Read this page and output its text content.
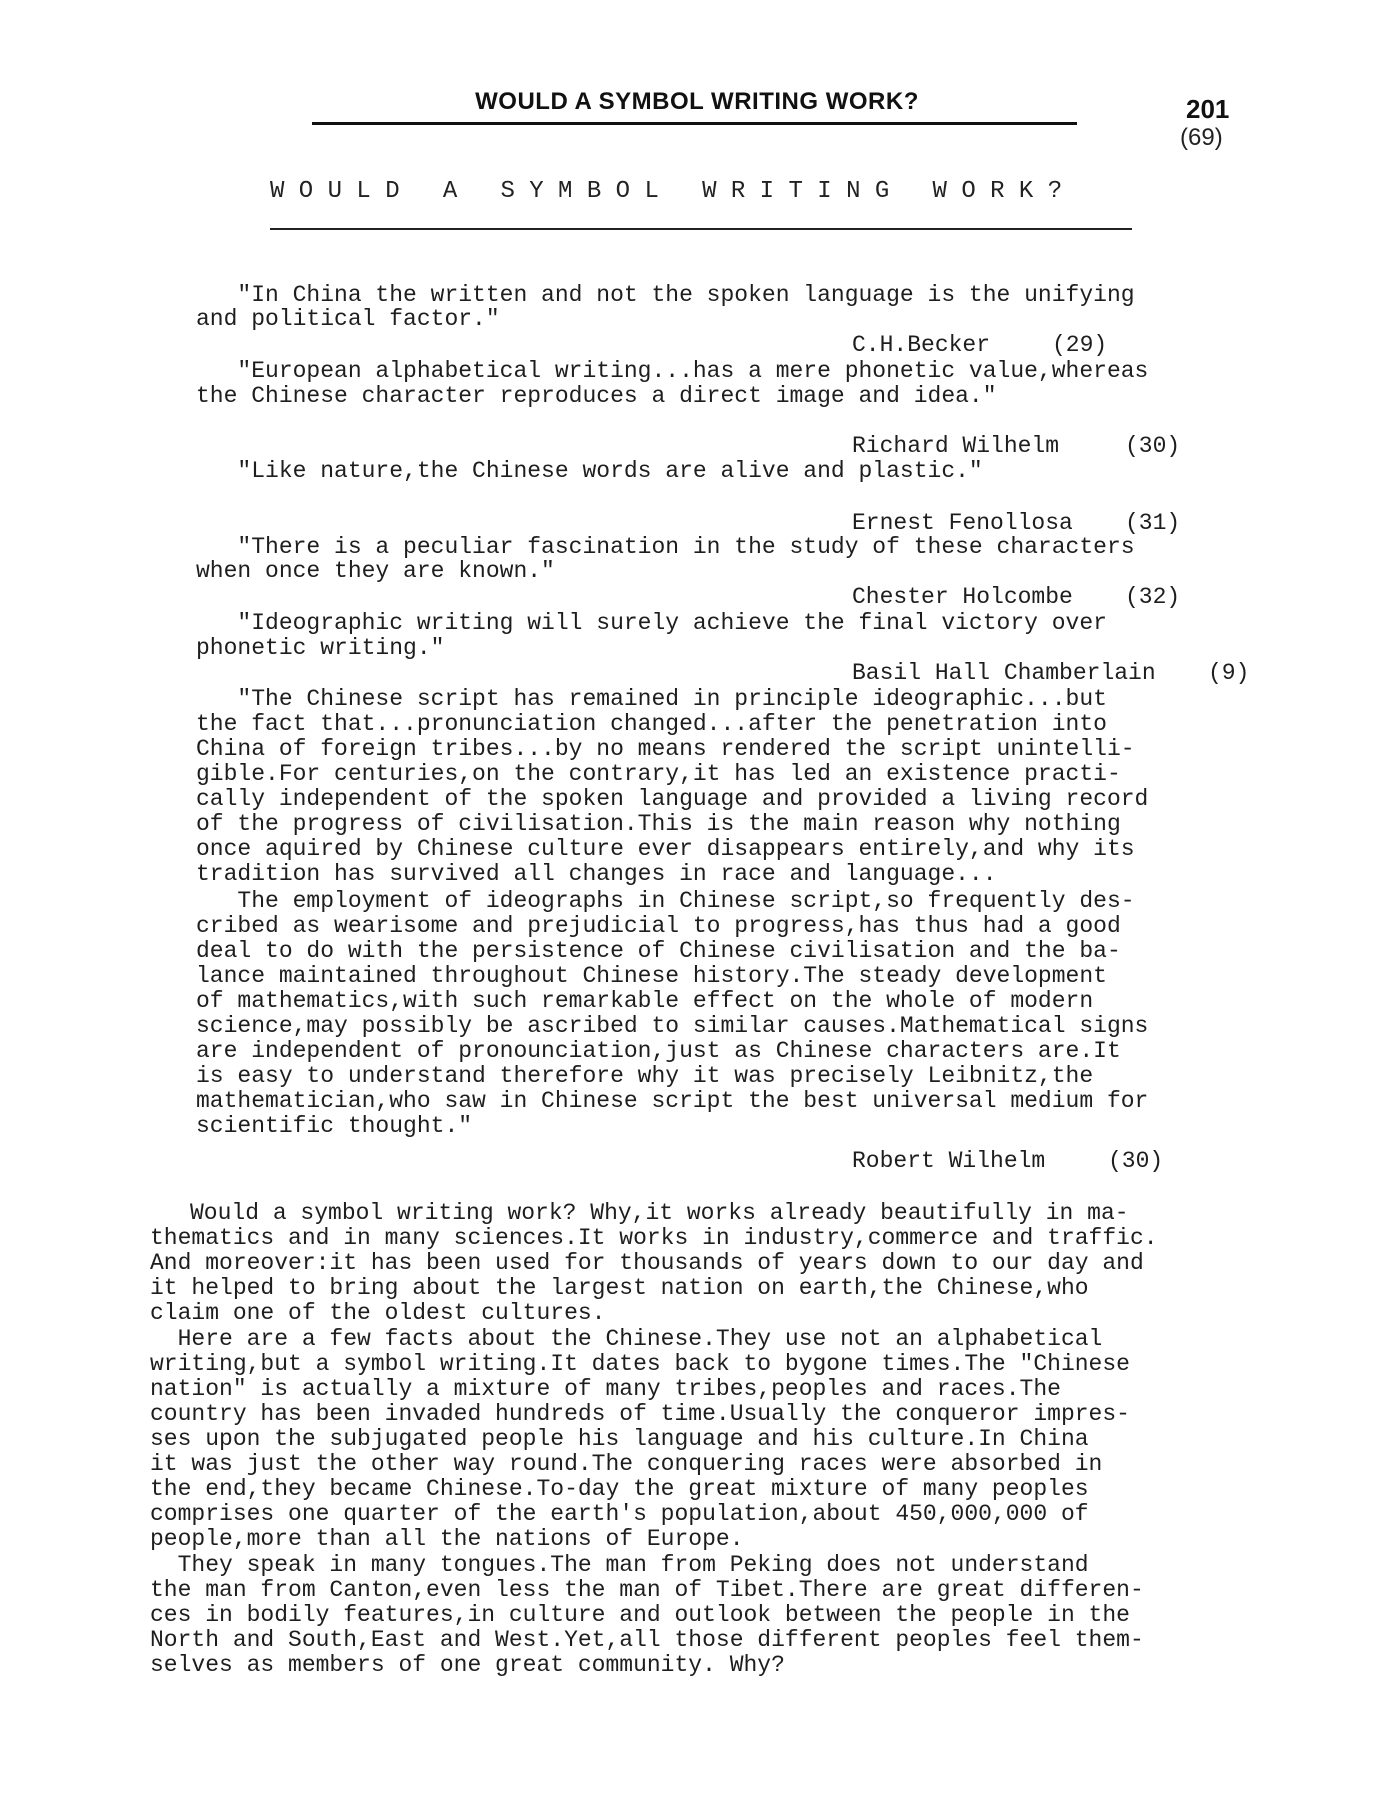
WOULD A SYMBOL WRITING WORK?	201
(69)
W O U L D   A   S Y M B O L   W R I T I N G   W O R K ?
"In China the written and not the spoken language is the unifying
and political factor."
C.H.Becker	(29)
"European alphabetical writing...has a mere phonetic value,whereas
the Chinese character reproduces a direct image and idea."
Richard Wilhelm	(30)
"Like nature,the Chinese words are alive and plastic."
Ernest Fenollosa (31)
"There is a peculiar fascination in the study of these characters
when once they are known."
Chester Holcombe (32)
"Ideographic writing will surely achieve the final victory over
phonetic writing."
Basil Hall Chamberlain (9)
"The Chinese script has remained in principle ideographic...but
the fact that...pronunciation changed...after the penetration into
China of foreign tribes...by no means rendered the script unintelli-
gible.For centuries,on the contrary,it has led an existence practi-
cally independent of the spoken language and provided a living record
of the progress of civilisation.This is the main reason why nothing
once aquired by Chinese culture ever disappears entirely,and why its
tradition has survived all changes in race and language...
The employment of ideographs in Chinese script,so frequently des-
cribed as wearisome and prejudicial to progress,has thus had a good
deal to do with the persistence of Chinese civilisation and the ba-
lance maintained throughout Chinese history.The steady development
of mathematics,with such remarkable effect on the whole of modern
science,may possibly be ascribed to similar causes.Mathematical signs
are independent of pronounciation,just as Chinese characters are.It
is easy to understand therefore why it was precisely Leibnitz,the
mathematician,who saw in Chinese script the best universal medium for
scientific thought."
Robert Wilhelm	(30)
Would a symbol writing work? Why,it works already beautifully in ma-
thematics and in many sciences.It works in industry,commerce and traffic.
And moreover:it has been used for thousands of years down to our day and
it helped to bring about the largest nation on earth,the Chinese,who
claim one of the oldest cultures.
Here are a few facts about the Chinese.They use not an alphabetical
writing,but a symbol writing.It dates back to bygone times.The "Chinese
nation" is actually a mixture of many tribes,peoples and races.The
country has been invaded hundreds of time.Usually the conqueror impres-
ses upon the subjugated people his language and his culture.In China
it was just the other way round.The conquering races were absorbed in
the end,they became Chinese.To-day the great mixture of many peoples
comprises one quarter of the earth's population,about 450,000,000 of
people,more than all the nations of Europe.
They speak in many tongues.The man from Peking does not understand
the man from Canton,even less the man of Tibet.There are great differen-
ces in bodily features,in culture and outlook between the people in the
North and South,East and West.Yet,all those different peoples feel them-
selves as members of one great community. Why?
